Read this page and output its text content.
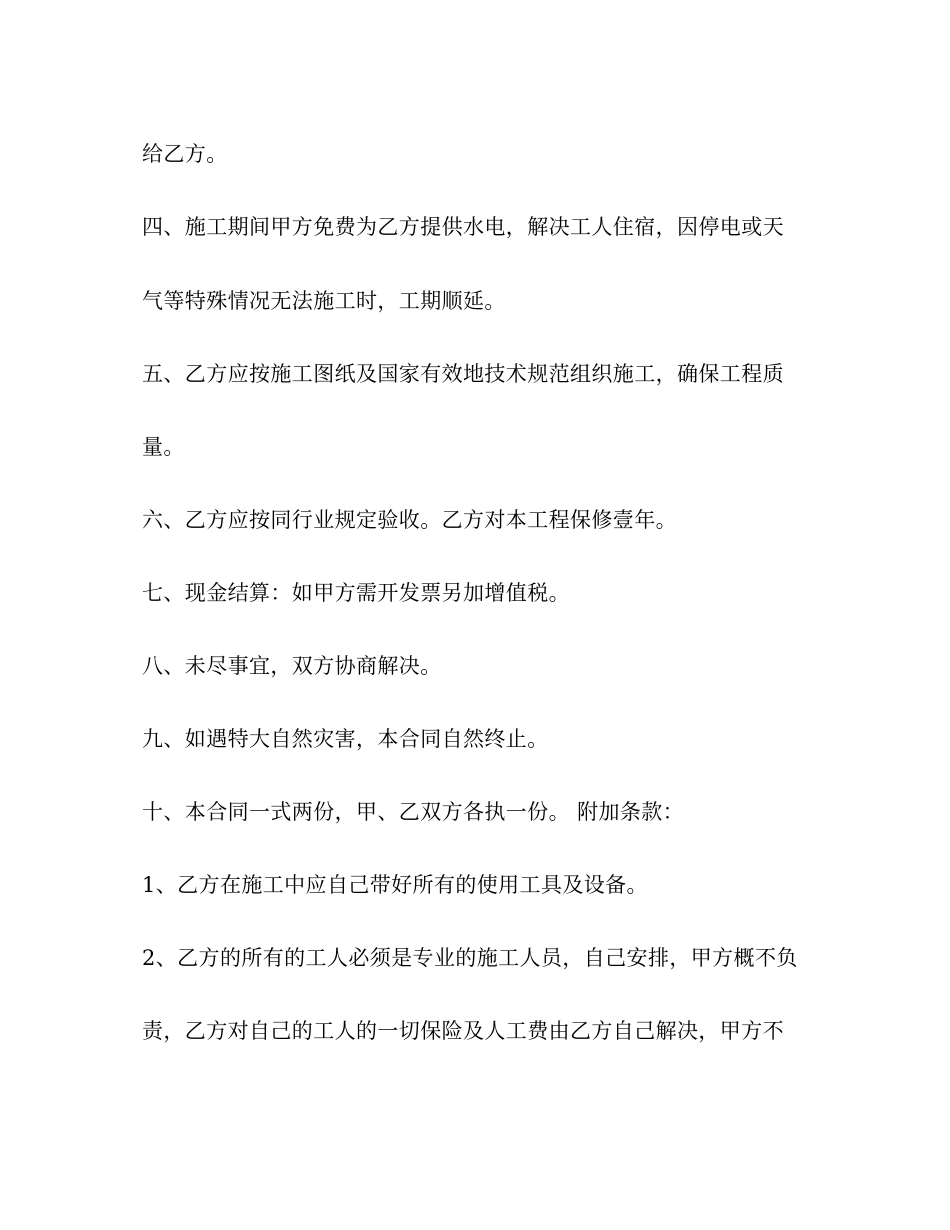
给乙方。
四、施工期间甲方免费为乙方提供水电，解决工人住宿，因停电或天
气等特殊情况无法施工时，工期顺延。
五、乙方应按施工图纸及国家有效地技术规范组织施工，确保工程质
量。
六、乙方应按同行业规定验收。乙方对本工程保修壹年。
七、现金结算：如甲方需开发票另加增值税。
八、未尽事宜，双方协商解决。
九、如遇特大自然灾害，本合同自然终止。
十、本合同一式两份，甲、乙双方各执一份。 附加条款：
1、乙方在施工中应自己带好所有的使用工具及设备。
2、乙方的所有的工人必须是专业的施工人员，自己安排，甲方概不负
责，乙方对自己的工人的一切保险及人工费由乙方自己解决，甲方不
